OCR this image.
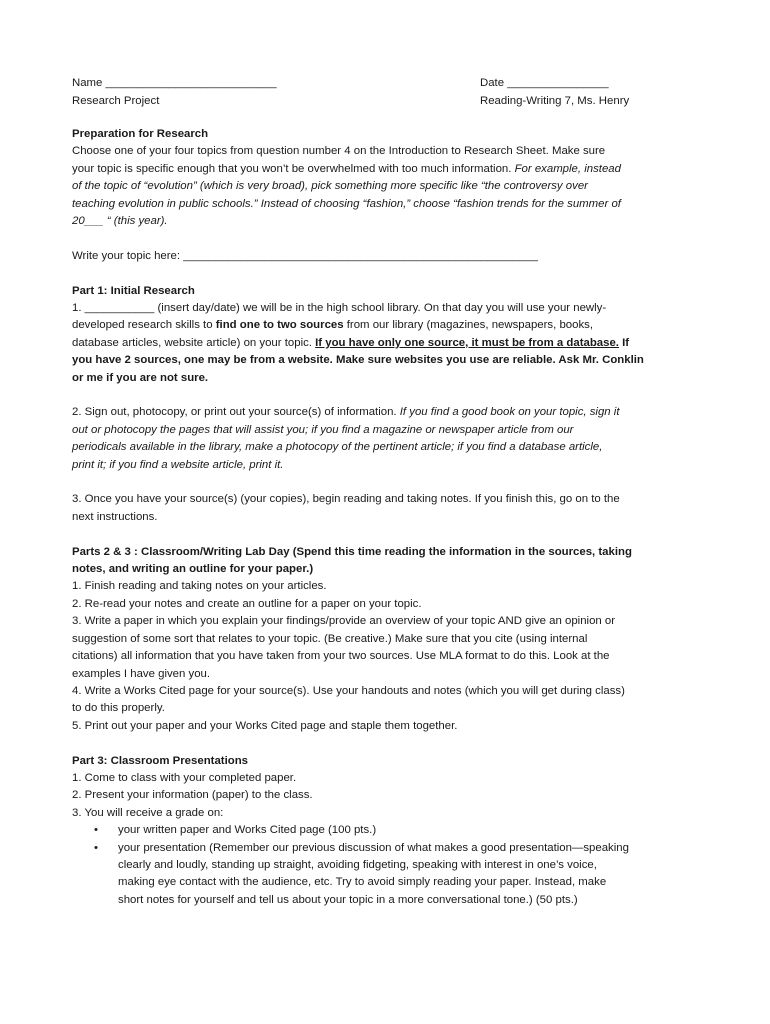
Name ___________________________

Research Project

Date ________________

Reading-Writing 7, Ms. Henry

Preparation for Research

Choose one of your four topics from question number 4 on the Introduction to Research Sheet. Make sure

your topic is specific enough that you won’t be overwhelmed with too much information. For example, instead

of the topic of “evolution” (which is very broad), pick something more specific like “the controversy over

teaching evolution in public schools.” Instead of choosing “fashion,” choose “fashion trends for the summer of

20___ “ (this year).

Write your topic here: ________________________________________________________

Part 1: Initial Research

1. ___________ (insert day/date) we will be in the high school library. On that day you will use your newly-

developed research skills to find one to two sources from our library (magazines, newspapers, books,

database articles, website article) on your topic. If you have only one source, it must be from a database. If

you have 2 sources, one may be from a website. Make sure websites you use are reliable. Ask Mr. Conklin

or me if you are not sure.

2. Sign out, photocopy, or print out your source(s) of information. If you find a good book on your topic, sign it

out or photocopy the pages that will assist you; if you find a magazine or newspaper article from our

periodicals available in the library, make a photocopy of the pertinent article; if you find a database article,

print it; if you find a website article, print it.

3. Once you have your source(s) (your copies), begin reading and taking notes. If you finish this, go on to the

next instructions.

Parts 2 & 3 : Classroom/Writing Lab Day (Spend this time reading the information in the sources, taking

notes, and writing an outline for your paper.)

1. Finish reading and taking notes on your articles.

2. Re-read your notes and create an outline for a paper on your topic.

3. Write a paper in which you explain your findings/provide an overview of your topic AND give an opinion or

suggestion of some sort that relates to your topic. (Be creative.) Make sure that you cite (using internal

citations) all information that you have taken from your two sources. Use MLA format to do this. Look at the

examples I have given you.

4. Write a Works Cited page for your source(s). Use your handouts and notes (which you will get during class)

to do this properly.

5. Print out your paper and your Works Cited page and staple them together.

Part 3: Classroom Presentations

1. Come to class with your completed paper.

2. Present your information (paper) to the class.

3. You will receive a grade on:

• your written paper and Works Cited page (100 pts.)

• your presentation (Remember our previous discussion of what makes a good presentation—speaking

clearly and loudly, standing up straight, avoiding fidgeting, speaking with interest in one’s voice,

making eye contact with the audience, etc. Try to avoid simply reading your paper. Instead, make

short notes for yourself and tell us about your topic in a more conversational tone.) (50 pts.)
